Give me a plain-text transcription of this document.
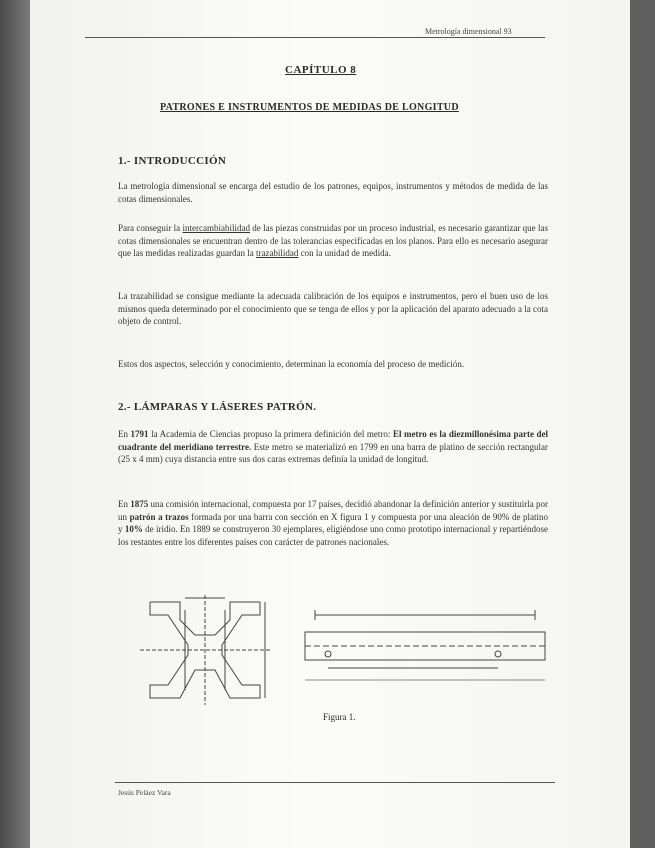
Metrología dimensional 93
CAPÍTULO 8
PATRONES E INSTRUMENTOS DE MEDIDAS DE LONGITUD
1.- INTRODUCCIÓN
La metrología dimensional se encarga del estudio de los patrones, equipos, instrumentos y métodos de medida de las cotas dimensionales.
Para conseguir la intercambiabilidad de las piezas construidas por un proceso industrial, es necesario garantizar que las cotas dimensionales se encuentran dentro de las tolerancias especificadas en los planos. Para ello es necesario asegurar que las medidas realizadas guardan la trazabilidad con la unidad de medida.
La trazabilidad se consigue mediante la adecuada calibración de los equipos e instrumentos, pero el buen uso de los mismos queda determinado por el conocimiento que se tenga de ellos y por la aplicación del aparato adecuado a la cota objeto de control.
Estos dos aspectos, selección y conocimiento, determinan la economía del proceso de medición.
2.- LÁMPARAS Y LÁSERES PATRÓN.
En 1791 la Academia de Ciencias propuso la primera definición del metro: El metro es la diezmillonésima parte del cuadrante del meridiano terrestre. Este metro se materializó en 1799 en una barra de platino de sección rectangular (25 x 4 mm) cuya distancia entre sus dos caras extremas definía la unidad de longitud.
En 1875 una comisión internacional, compuesta por 17 países, decidió abandonar la definición anterior y sustituirla por un patrón a trazos formada por una barra con sección en X figura 1 y compuesta por una aleación de 90% de platino y 10% de iridio. En 1889 se construyeron 30 ejemplares, eligiéndose uno como prototipo internacional y repartiéndose los restantes entre los diferentes países con carácter de patrones nacionales.
Figura 1.
Jesús Peláez Vara
